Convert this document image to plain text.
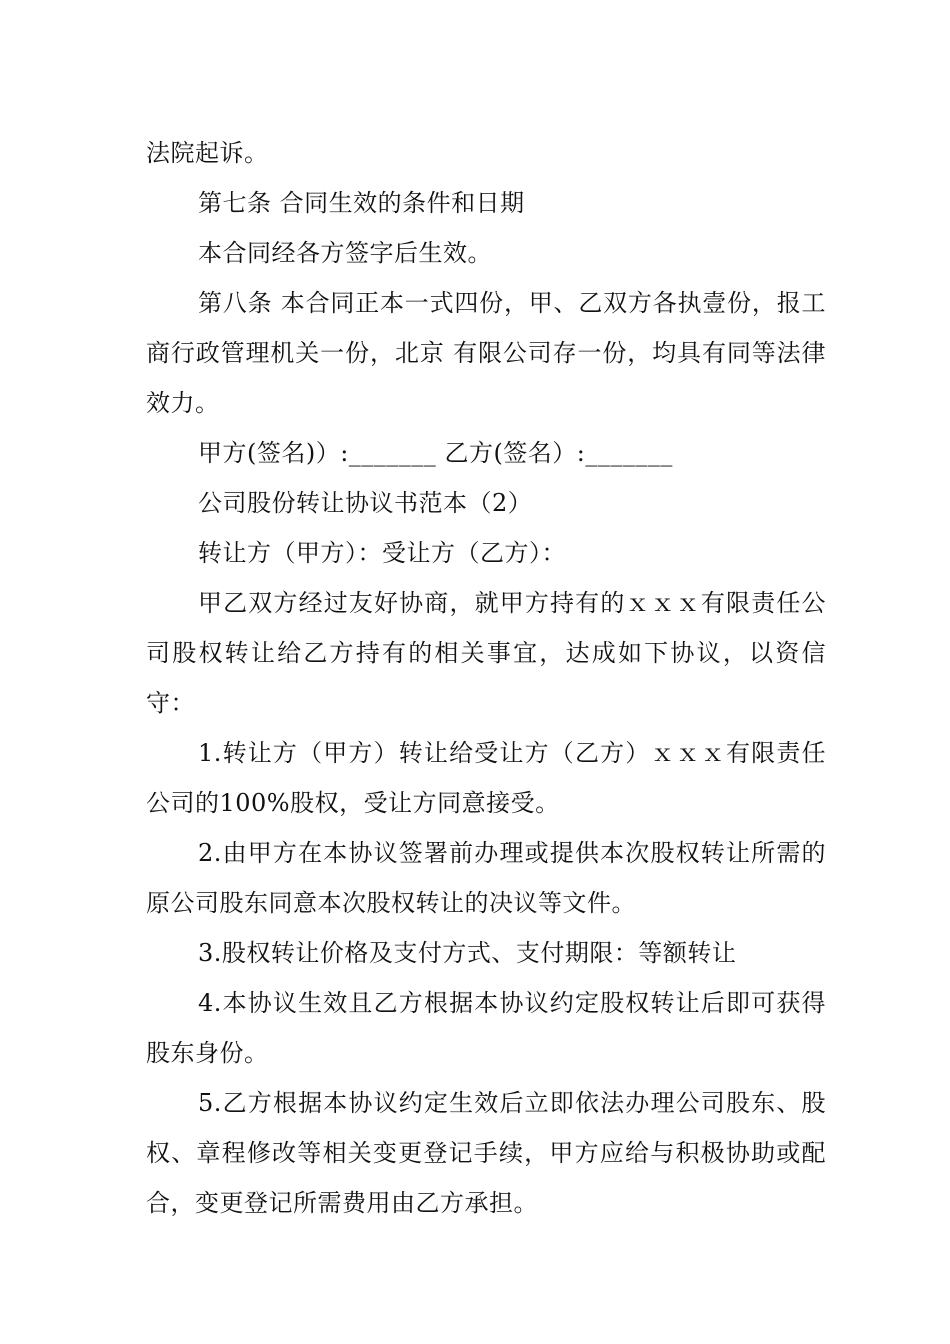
法院起诉。

第七条 合同生效的条件和日期

本合同经各方签字后生效。

第八条 本合同正本一式四份，甲、乙双方各执壹份，报工商行政管理机关一份，北京 有限公司存一份，均具有同等法律效力。

甲方(签名)）:_______ 乙方(签名）:_______

公司股份转让协议书范本（2）

转让方（甲方）：受让方（乙方）：

甲乙双方经过友好协商，就甲方持有的ｘｘｘ有限责任公司股权转让给乙方持有的相关事宜，达成如下协议，以资信守：

1.转让方（甲方）转让给受让方（乙方）ｘｘｘ有限责任公司的100%股权，受让方同意接受。

2.由甲方在本协议签署前办理或提供本次股权转让所需的原公司股东同意本次股权转让的决议等文件。

3.股权转让价格及支付方式、支付期限：等额转让

4.本协议生效且乙方根据本协议约定股权转让后即可获得股东身份。

5.乙方根据本协议约定生效后立即依法办理公司股东、股权、章程修改等相关变更登记手续，甲方应给与积极协助或配合，变更登记所需费用由乙方承担。
